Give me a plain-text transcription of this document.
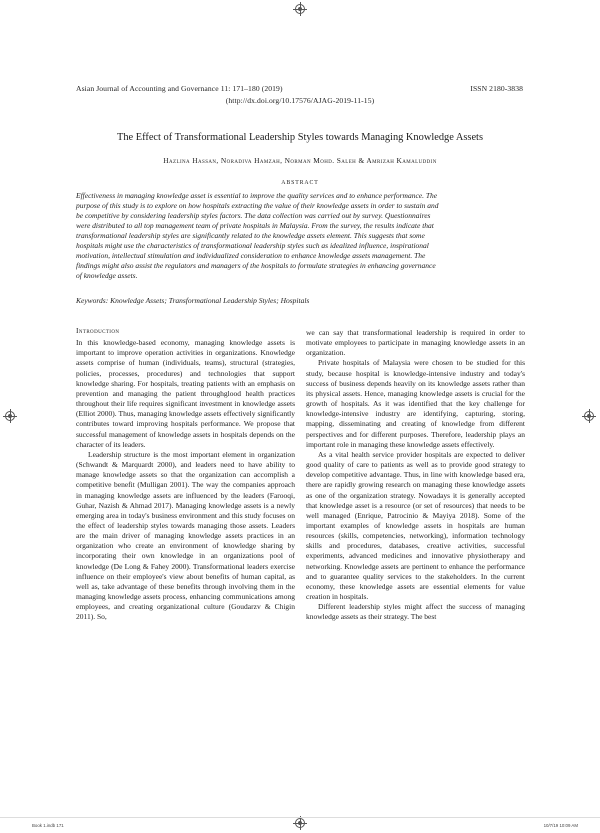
Asian Journal of Accounting and Governance 11: 171–180 (2019)	ISSN 2180-3838
(http://dx.doi.org/10.17576/AJAG-2019-11-15)
The Effect of Transformational Leadership Styles towards Managing Knowledge Assets
Hazlina Hassan, Noradiva Hamzah, Norman Mohd. Saleh & Amrizah Kamaluddin
ABSTRACT
Effectiveness in managing knowledge asset is essential to improve the quality services and to enhance performance. The
purpose of this study is to explore on how hospitals extracting the value of their knowledge assets in order to sustain and
be competitive by considering leadership styles factors. The data collection was carried out by survey. Questionnaires
were distributed to all top management team of private hospitals in Malaysia. From the survey, the results indicate that
transformational leadership styles are significantly related to the knowledge assets element. This suggests that some
hospitals might use the characteristics of transformational leadership styles such as idealized influence, inspirational
motivation, intellectual stimulation and individualized consideration to enhance knowledge assets management. The
findings might also assist the regulators and managers of the hospitals to formulate strategies in enhancing governance
of knowledge assets.
Keywords: Knowledge Assets; Transformational Leadership Styles; Hospitals

Introduction

In this knowledge-based economy, managing knowledge assets is important to improve operation activities in organizations. Knowledge assets comprise of human (individuals, teams), structural (strategies, policies, processes, procedures) and technologies that support knowledge sharing. For hospitals, treating patients with an emphasis on prevention and managing the patient throughglood health practices throughout their life requires significant investment in knowledge assets (Elliot 2000). Thus, managing knowledge assets effectively significantly contributes toward improving hospitals performance. We propose that successful management of knowledge assets in hospitals depends on the character of its leaders.

Leadership structure is the most important element in organization (Schwandt & Marquardt 2000), and leaders need to have ability to manage knowledge assets so that the organization can accomplish a competitive benefit (Mulligan 2001). The way the companies approach in managing knowledge assets are influenced by the leaders (Farooqi, Guhar, Nazish & Ahmad 2017). Managing knowledge assets is a newly emerging area in today's business environment and this study focuses on the effect of leadership styles towards managing those assets. Leaders are the main driver of managing knowledge assets practices in an organization who create an environment of knowledge sharing by incorporating their own knowledge in an organizations pool of knowledge (De Long & Fahey 2000). Transformational leaders exercise influence on their employee's view about benefits of human capital, as well as, take advantage of these benefits through involving them in the managing knowledge assets process, enhancing communications among employees, and creating organizational culture (Goudarzv & Chigin 2011). So,

we can say that transformational leadership is required in order to motivate employees to participate in managing knowledge assets in an organization.

Private hospitals of Malaysia were chosen to be studied for this study, because hospital is knowledge-intensive industry and today's success of business depends heavily on its knowledge assets rather than its physical assets. Hence, managing knowledge assets is crucial for the growth of hospitals. As it was identified that the key challenge for knowledge-intensive industry are identifying, capturing, storing, mapping, disseminating and creating of knowledge from different perspectives and for different purposes. Therefore, leadership plays an important role in managing these knowledge assets effectively.

As a vital health service provider hospitals are expected to deliver good quality of care to patients as well as to provide good strategy to develop competitive advantage. Thus, in line with knowledge based era, there are rapidly growing research on managing these knowledge assets as one of the organization strategy. Nowadays it is generally accepted that knowledge asset is a resource (or set of resources) that needs to be well managed (Enrique, Patrocinio & Mayiya 2018). Some of the important examples of knowledge assets in hospitals are human resources (skills, competencies, networking), information technology skills and procedures, databases, creative activities, successful experiments, advanced medicines and innovative physiotherapy and networking. Knowledge assets are pertinent to enhance the performance and to guarantee quality services to the stakeholders. In the current economy, these knowledge assets are essential elements for value creation in hospitals.

Different leadership styles might affect the success of managing knowledge assets as their strategy. The best

Book 1.indb 171	10/7/19 10:09 AM
